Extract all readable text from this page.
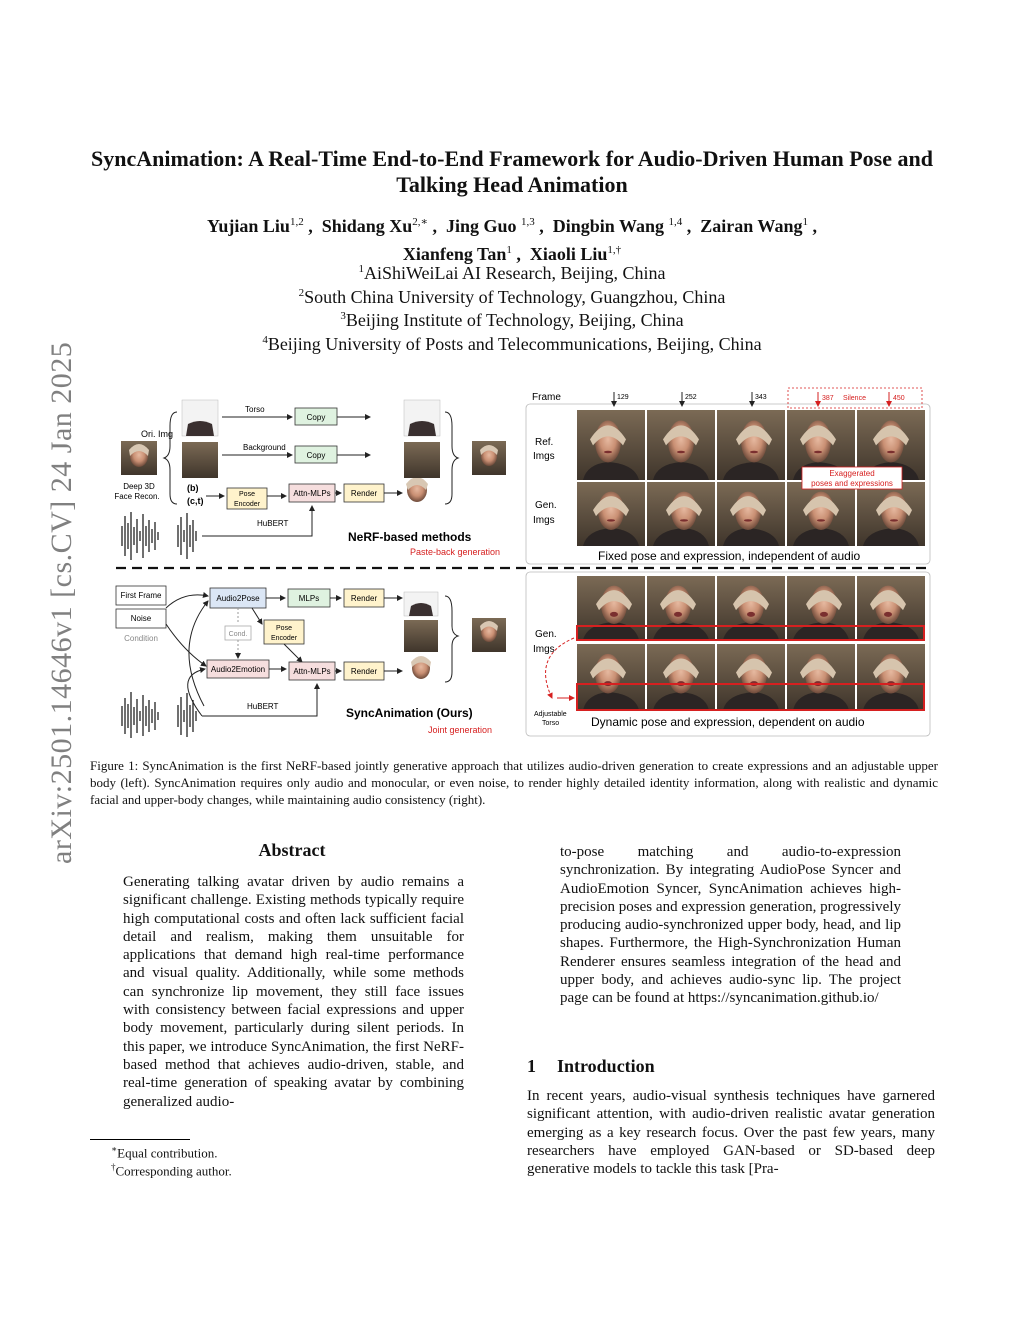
arXiv:2501.14646v1 [cs.CV] 24 Jan 2025
SyncAnimation: A Real-Time End-to-End Framework for Audio-Driven Human Pose and Talking Head Animation
Yujian Liu$^{1,2}$ ,  Shidang $Xu^{2,∗}$ ,  Jing Guo $^{1,3}$ ,  Dingbin Wang $^{1,4}$ ,  Zairan Wang$^1$ ,
Xianfeng Tan$^1$ ,  Xiaoli Liu$^{1,\dagger}$
$^1$AiShiWeiLai AI Research, Beijing, China
$^2$South China University of Technology, Guangzhou, China
$^3$Beijing Institute of Technology, Beijing, China
$^4$Beijing University of Posts and Telecommunications, Beijing, China
Ori. Img
Deep 3D
Face Recon.
(b)
(c,t)
Torso
Copy
Background
Copy
Pose
Encoder
Attn-MLPs	Render
HuBERT
NeRF-based methods
Paste-back generation
First Frame
Noise
Condition
Audio2Pose	MLPs	Render
Cond.
Pose
Encoder
Audio2Emotion	Attn-MLPs	Render
HuBERT	SyncAnimation (Ours)
Joint generation
Frame	129	252	343	387 Silence	450
Ref.
Imgs
Gen.
Imgs
Gen.
Imgs
Exaggerated
poses and expressions
Fixed pose and expression, independent of audio
Adjustable
Torso	Dynamic pose and expression, dependent on audio
Figure 1: SyncAnimation is the first NeRF-based jointly generative approach that utilizes audio-driven generation to create expressions and an adjustable upper body (left). SyncAnimation requires only audio and monocular, or even noise, to render highly detailed identity information, along with realistic and dynamic facial and upper-body changes, while maintaining audio consistency (right).
Abstract
Generating talking avatar driven by audio remains a significant challenge. Existing methods typically require high computational costs and often lack sufficient facial detail and realism, making them unsuitable for applications that demand high real-time performance and visual quality. Additionally, while some methods can synchronize lip movement, they still face issues with consistency between facial expressions and upper body movement, particularly during silent periods. In this paper, we introduce SyncAnimation, the first NeRF-based method that achieves audio-driven, stable, and real-time generation of speaking avatar by combining generalized audio-
to-pose matching and audio-to-expression synchronization. By integrating AudioPose Syncer and AudioEmotion Syncer, SyncAnimation achieves high-precision poses and expression generation, progressively producing audio-synchronized upper body, head, and lip shapes. Furthermore, the High-Synchronization Human Renderer ensures seamless integration of the head and upper body, and achieves audio-sync lip. The project page can be found at https://syncanimation.github.io/
1 Introduction
In recent years, audio-visual synthesis techniques have garnered significant attention, with audio-driven realistic avatar generation emerging as a key research focus. Over the past few years, many researchers have employed GAN-based or SD-based deep generative models to tackle this task [Pra-
∗Equal contribution.
†Corresponding author.
